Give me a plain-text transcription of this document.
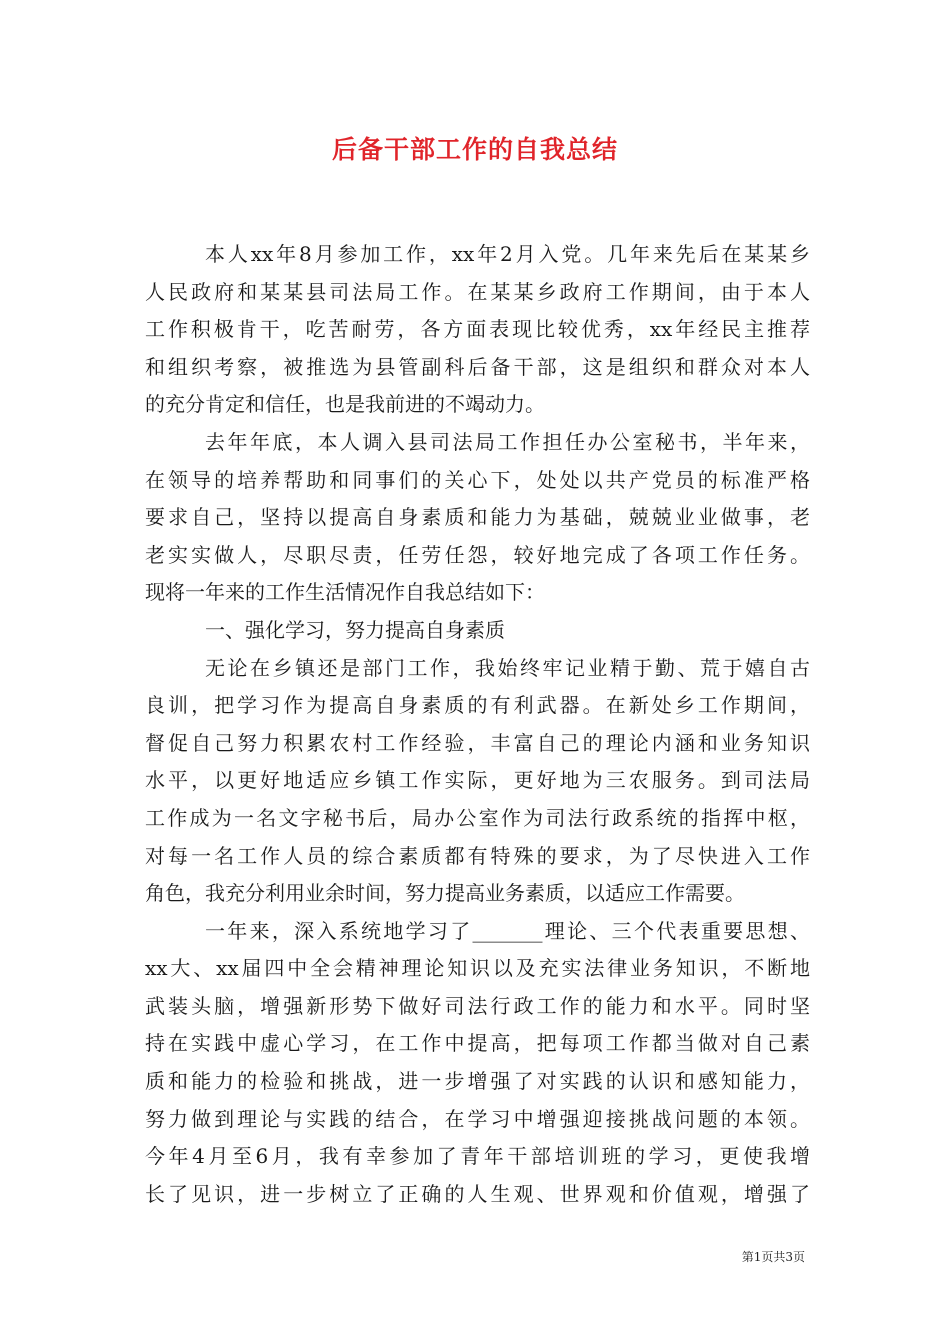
后备干部工作的自我总结
本人xx年8月参加工作，xx年2月入党。几年来先后在某某乡
人民政府和某某县司法局工作。在某某乡政府工作期间，由于本人
工作积极肯干，吃苦耐劳，各方面表现比较优秀，xx年经民主推荐
和组织考察，被推选为县管副科后备干部，这是组织和群众对本人
的充分肯定和信任，也是我前进的不竭动力。
去年年底，本人调入县司法局工作担任办公室秘书，半年来，
在领导的培养帮助和同事们的关心下，处处以共产党员的标准严格
要求自己，坚持以提高自身素质和能力为基础，兢兢业业做事，老
老实实做人，尽职尽责，任劳任怨，较好地完成了各项工作任务。
现将一年来的工作生活情况作自我总结如下：
一、强化学习，努力提高自身素质
无论在乡镇还是部门工作，我始终牢记业精于勤、荒于嬉自古
良训，把学习作为提高自身素质的有利武器。在新处乡工作期间，
督促自己努力积累农村工作经验，丰富自己的理论内涵和业务知识
水平，以更好地适应乡镇工作实际，更好地为三农服务。到司法局
工作成为一名文字秘书后，局办公室作为司法行政系统的指挥中枢，
对每一名工作人员的综合素质都有特殊的要求，为了尽快进入工作
角色，我充分利用业余时间，努力提高业务素质，以适应工作需要。
一年来，深入系统地学习了_______理论、三个代表重要思想、
xx大、xx届四中全会精神理论知识以及充实法律业务知识，不断地
武装头脑，增强新形势下做好司法行政工作的能力和水平。同时坚
持在实践中虚心学习，在工作中提高，把每项工作都当做对自己素
质和能力的检验和挑战，进一步增强了对实践的认识和感知能力，
努力做到理论与实践的结合，在学习中增强迎接挑战问题的本领。
今年4月至6月，我有幸参加了青年干部培训班的学习，更使我增
长了见识，进一步树立了正确的人生观、世界观和价值观，增强了
第1页共3页
